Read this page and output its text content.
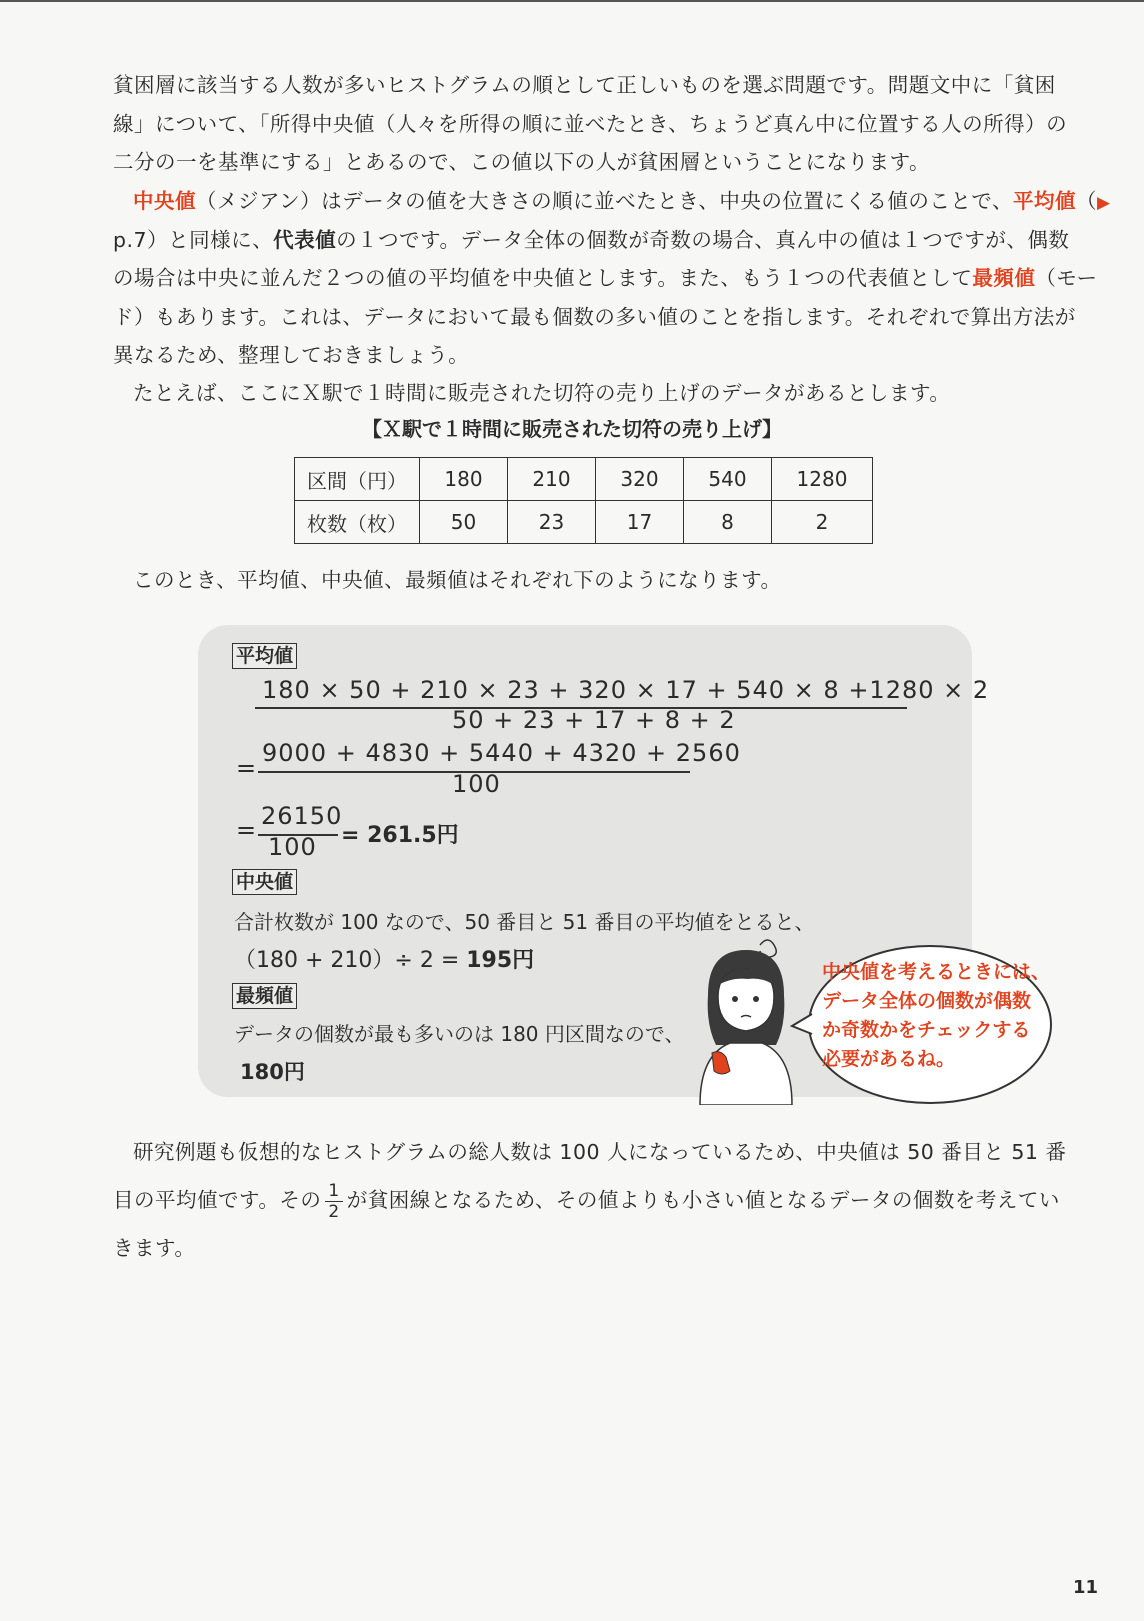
貧困層に該当する人数が多いヒストグラムの順として正しいものを選ぶ問題です。問題文中に「貧困
線」について、「所得中央値（人々を所得の順に並べたとき、ちょうど真ん中に位置する人の所得）の
二分の一を基準にする」とあるので、この値以下の人が貧困層ということになります。
中央値（メジアン）はデータの値を大きさの順に並べたとき、中央の位置にくる値のことで、平均値（▶
p.7）と同様に、代表値の１つです。データ全体の個数が奇数の場合、真ん中の値は１つですが、偶数
の場合は中央に並んだ２つの値の平均値を中央値とします。また、もう１つの代表値として最頻値（モー
ド）もあります。これは、データにおいて最も個数の多い値のことを指します。それぞれで算出方法が
異なるため、整理しておきましょう。
たとえば、ここにＸ駅で１時間に販売された切符の売り上げのデータがあるとします。
【Ｘ駅で１時間に販売された切符の売り上げ】
区間（円）	180	210	320	540	1280
枚数（枚）	50	23	17	8	2
このとき、平均値、中央値、最頻値はそれぞれ下のようになります。
平均値
180 × 50 + 210 × 23 + 320 × 17 + 540 × 8 +1280 × 2
50 + 23 + 17 + 8 + 2
=
9000 + 4830 + 5440 + 4320 + 2560
100
= 26150
100 = 261.5円
中央値
合計枚数が 100 なので、50 番目と 51 番目の平均値をとると、
（180 + 210）÷ 2 = 195円
最頻値
データの個数が最も多いのは 180 円区間なので、
180円
中央値を考えるときには、
データ全体の個数が偶数
か奇数かをチェックする
必要があるね。
研究例題も仮想的なヒストグラムの総人数は 100 人になっているため、中央値は 50 番目と 51 番
目の平均値です。その $\frac{1}{2}$ が貧困線となるため、その値よりも小さい値となるデータの個数を考えてい
きます。
11
